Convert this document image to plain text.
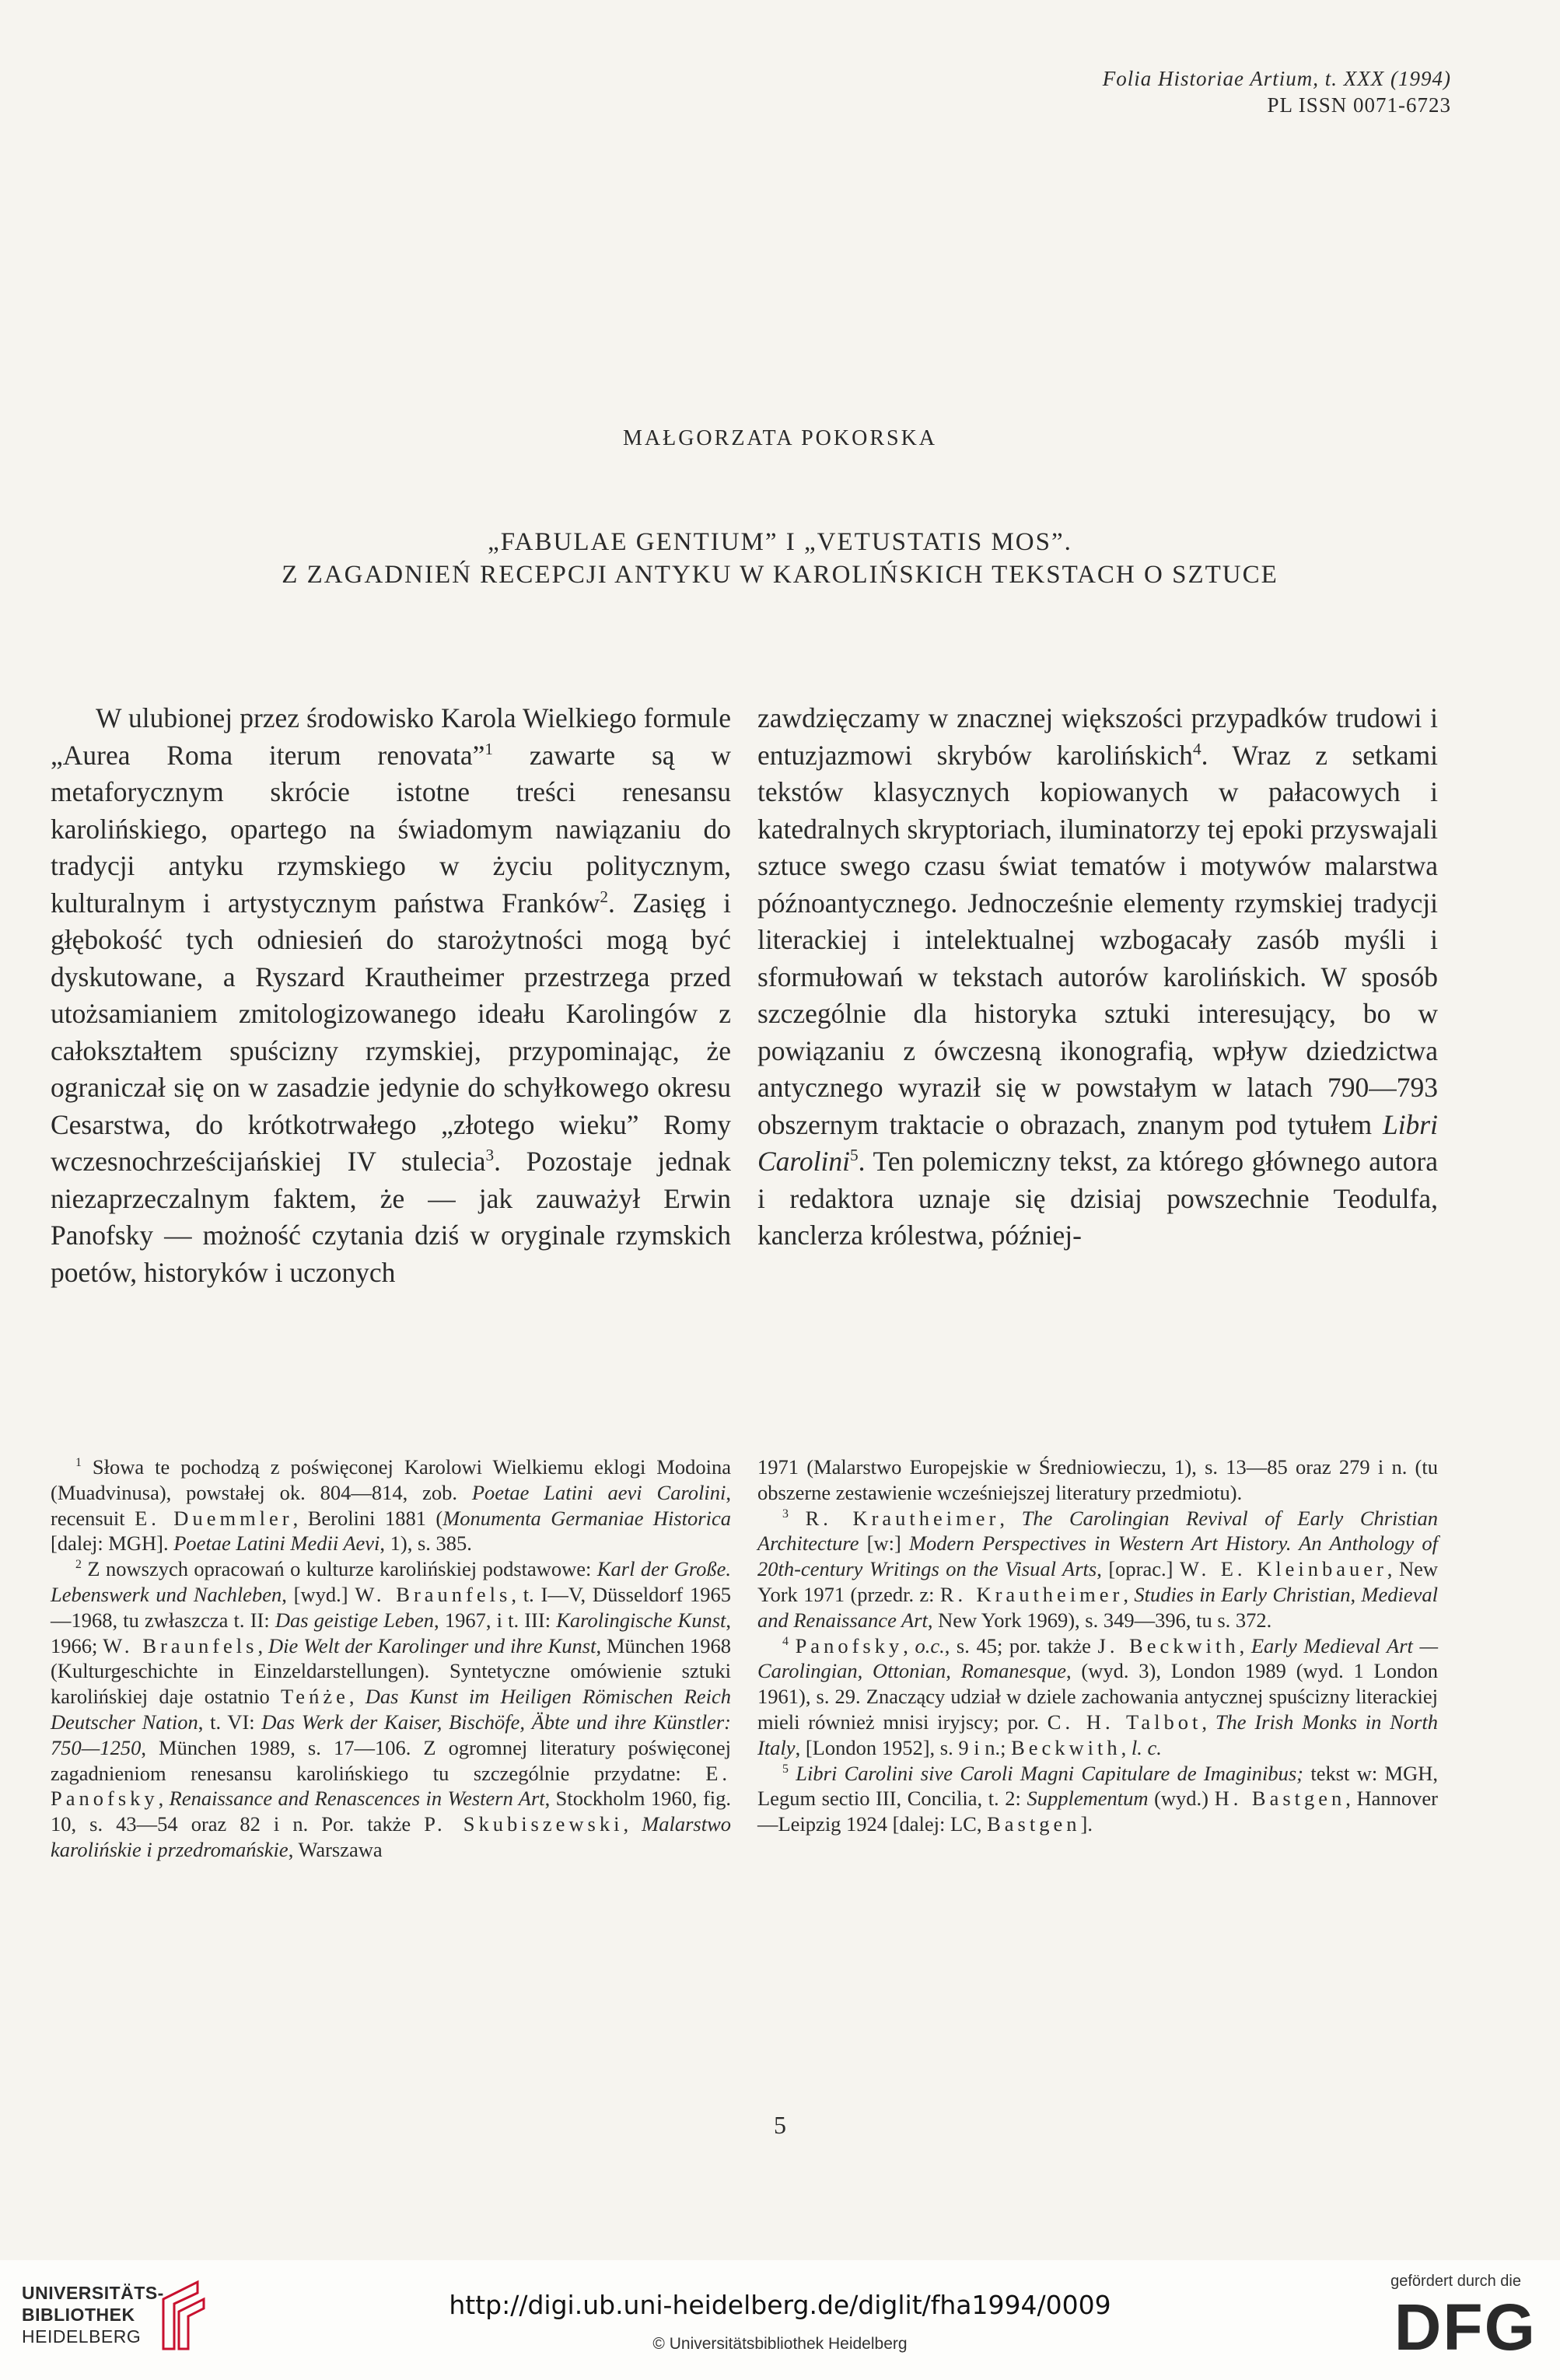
Folia Historiae Artium, t. XXX (1994)
PL ISSN 0071-6723
MAŁGORZATA POKORSKA
„FABULAE GENTIUM” I „VETUSTATIS MOS”.
Z ZAGADNIEŃ RECEPCJI ANTYKU W KAROLIŃSKICH TEKSTACH O SZTUCE

W ulubionej przez środowisko Karola Wielkiego formule „Aurea Roma iterum renovata”$^1$ zawarte są w metaforycznym skrócie istotne treści renesansu karolińskiego, opartego na świadomym nawiązaniu do tradycji antyku rzymskiego w życiu politycznym, kulturalnym i artystycznym państwa Franków$^2$. Zasięg i głębokość tych odniesień do starożytności mogą być dyskutowane, a Ryszard Krautheimer przestrzega przed utożsamianiem zmitologizowanego ideału Karolingów z całokształtem spuścizny rzymskiej, przypominając, że ograniczał się on w zasadzie jedynie do schyłkowego okresu Cesarstwa, do krótkotrwałego „złotego wieku” Romy wczesnochrześcijańskiej IV stulecia$^3$. Pozostaje jednak niezaprzeczalnym faktem, że — jak zauważył Erwin Panofsky — możność czytania dziś w oryginale rzymskich poetów, historyków i uczonych

zawdzięczamy w znacznej większości przypadków trudowi i entuzjazmowi skrybów karolińskich$^4$. Wraz z setkami tekstów klasycznych kopiowanych w pałacowych i katedralnych skryptoriach, iluminatorzy tej epoki przyswajali sztuce swego czasu świat tematów i motywów malarstwa późnoantycznego. Jednocześnie elementy rzymskiej tradycji literackiej i intelektualnej wzbogacały zasób myśli i sformułowań w tekstach autorów karolińskich. W sposób szczególnie dla historyka sztuki interesujący, bo w powiązaniu z ówczesną ikonografią, wpływ dziedzictwa antycznego wyraził się w powstałym w latach 790—793 obszernym traktacie o obrazach, znanym pod tytułem Libri Carolini$^5$. Ten polemiczny tekst, za którego głównego autora i redaktora uznaje się dzisiaj powszechnie Teodulfa, kanclerza królestwa, później-

$^1$ Słowa te pochodzą z poświęconej Karolowi Wielkiemu eklogi Modoina (Muadvinusa), powstałej ok. 804—814, zob. Poetae Latini aevi Carolini, recensuit E. Duemmler, Berolini 1881 (Monumenta Germaniae Historica [dalej: MGH]. Poetae Latini Medii Aevi, 1), s. 385.

$^2$ Z nowszych opracowań o kulturze karolińskiej podstawowe: Karl der Große. Lebenswerk und Nachleben, [wyd.] W. Braunfels, t. I—V, Düsseldorf 1965—1968, tu zwłaszcza t. II: Das geistige Leben, 1967, i t. III: Karolingische Kunst, 1966; W. Braunfels, Die Welt der Karolinger und ihre Kunst, München 1968 (Kulturgeschichte in Einzeldarstellungen). Syntetyczne omówienie sztuki karolińskiej daje ostatnio Teńże, Das Kunst im Heiligen Römischen Reich Deutscher Nation, t. VI: Das Werk der Kaiser, Bischöfe, Äbte und ihre Künstler: 750—1250, München 1989, s. 17—106. Z ogromnej literatury poświęconej zagadnieniom renesansu karolińskiego tu szczególnie przydatne: E. Panofsky, Renaissance and Renascences in Western Art, Stockholm 1960, fig. 10, s. 43—54 oraz 82 i n. Por. także P. Skubiszewski, Malarstwo karolińskie i przedromańskie, Warszawa

1971 (Malarstwo Europejskie w Średniowieczu, 1), s. 13—85 oraz 279 i n. (tu obszerne zestawienie wcześniejszej literatury przedmiotu).

$^3$ R. Krautheimer, The Carolingian Revival of Early Christian Architecture [w:] Modern Perspectives in Western Art History. An Anthology of 20th-century Writings on the Visual Arts, [oprac.] W. E. Kleinbauer, New York 1971 (przedr. z: R. Krautheimer, Studies in Early Christian, Medieval and Renaissance Art, New York 1969), s. 349—396, tu s. 372.

$^4$ Panofsky, o.c., s. 45; por. także J. Beckwith, Early Medieval Art — Carolingian, Ottonian, Romanesque, (wyd. 3), London 1989 (wyd. 1 London 1961), s. 29. Znaczący udział w dziele zachowania antycznej spuścizny literackiej mieli również mnisi iryjscy; por. C. H. Talbot, The Irish Monks in North Italy, [London 1952], s. 9 i n.; Beckwith, l. c.

$^5$ Libri Carolini sive Caroli Magni Capitulare de Imaginibus; tekst w: MGH, Legum sectio III, Concilia, t. 2: Supplementum (wyd.) H. Bastgen, Hannover—Leipzig 1924 [dalej: LC, Bastgen].

5
UNIVERSITÄTS-
BIBLIOTHEK
HEIDELBERG
http://digi.ub.uni-heidelberg.de/diglit/fha1994/0009
© Universitätsbibliothek Heidelberg
gefördert durch die
DFG
